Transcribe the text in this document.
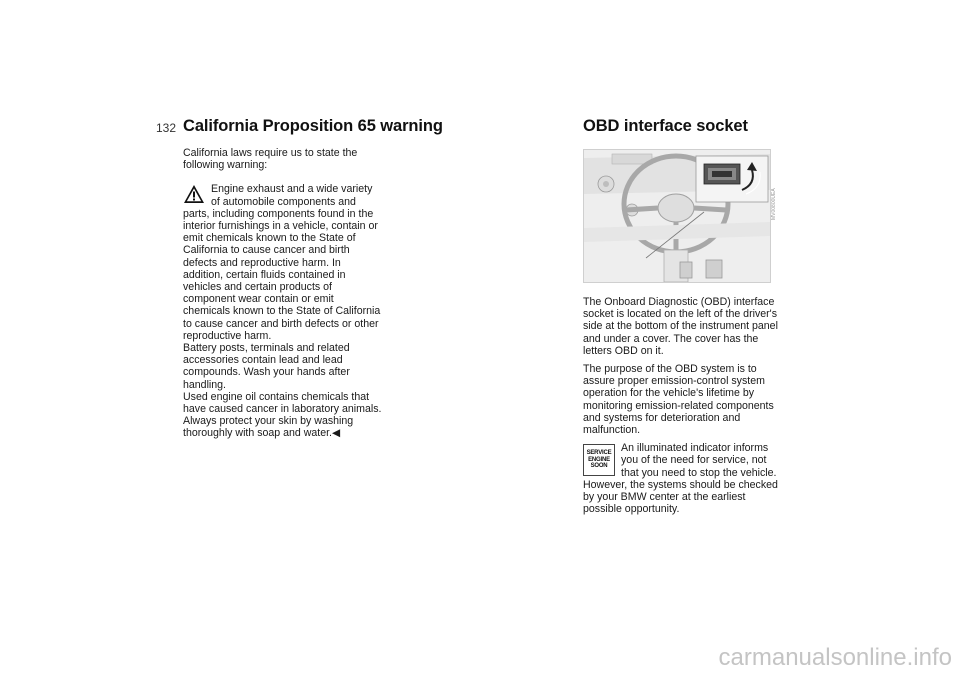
132 California Proposition 65 warning	OBD interface socket

California laws require us to state the following warning:

Engine exhaust and a wide variety of automobile components and parts, including components found in the interior furnishings in a vehicle, contain or emit chemicals known to the State of California to cause cancer and birth defects and reproductive harm. In addition, certain fluids contained in vehicles and certain products of component wear contain or emit chemicals known to the State of California to cause cancer and birth defects or other reproductive harm.

Battery posts, terminals and related accessories contain lead and lead compounds. Wash your hands after handling.

Used engine oil contains chemicals that have caused cancer in laboratory animals. Always protect your skin by washing thoroughly with soap and water.◀

MV00800UEA

The Onboard Diagnostic (OBD) interface socket is located on the left of the driver's side at the bottom of the instrument panel and under a cover. The cover has the letters OBD on it.

The purpose of the OBD system is to assure proper emission-control system operation for the vehicle's lifetime by monitoring emission-related components and systems for deterioration and malfunction.

SERVICE
ENGINE
SOON

An illuminated indicator informs you of the need for service, not that you need to stop the vehicle. However, the systems should be checked by your BMW center at the earliest possible opportunity.

carmanualsonline.info
